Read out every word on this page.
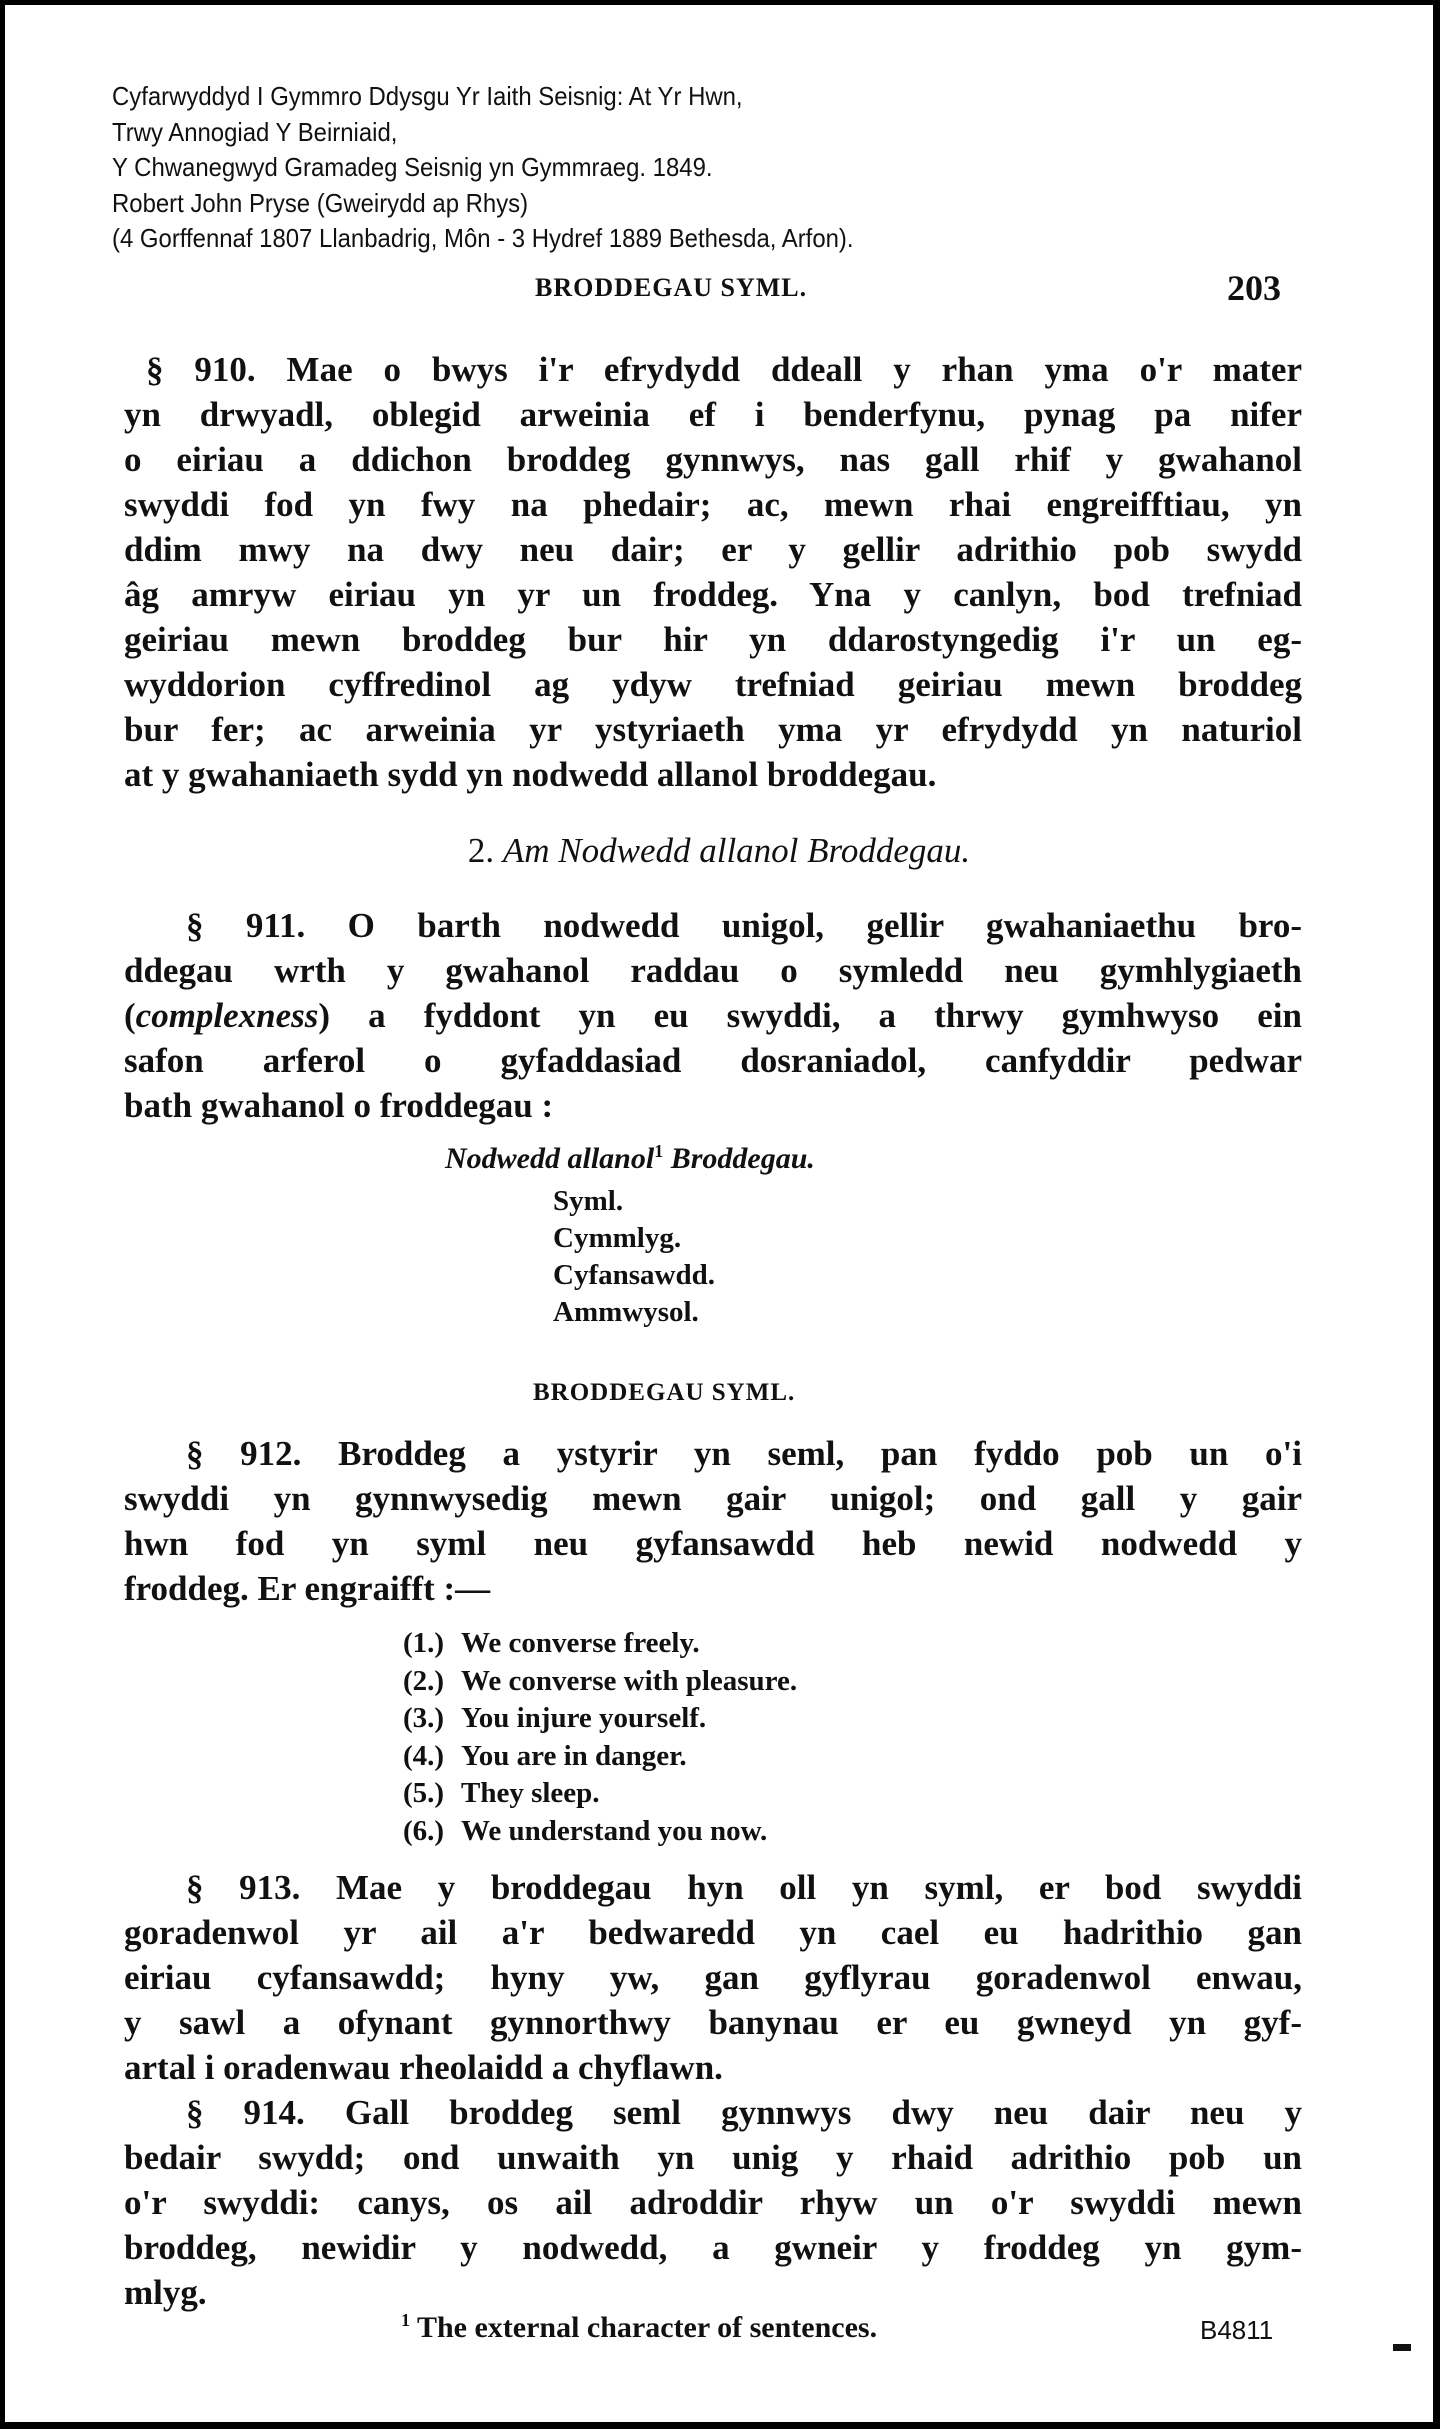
Cyfarwyddyd I Gymmro Ddysgu Yr Iaith Seisnig: At Yr Hwn,
Trwy Annogiad Y Beirniaid,
Y Chwanegwyd Gramadeg Seisnig yn Gymmraeg. 1849.
Robert John Pryse (Gweirydd ap Rhys)
(4 Gorffennaf 1807 Llanbadrig, Môn - 3 Hydref 1889 Bethesda, Arfon).
BRODDEGAU SYML.	203
§ 910. Mae o bwys i'r efrydydd ddeall y rhan yma o'r mater
yn drwyadl, oblegid arweinia ef i benderfynu, pynag pa nifer
o eiriau a ddichon broddeg gynnwys, nas gall rhif y gwahanol
swyddi fod yn fwy na phedair; ac, mewn rhai engreifftiau, yn
ddim mwy na dwy neu dair; er y gellir adrithio pob swydd
âg amryw eiriau yn yr un froddeg. Yna y canlyn, bod trefniad
geiriau mewn broddeg bur hir yn ddarostyngedig i'r un eg-
wyddorion cyffredinol ag ydyw trefniad geiriau mewn broddeg
bur fer; ac arweinia yr ystyriaeth yma yr efrydydd yn naturiol
at y gwahaniaeth sydd yn nodwedd allanol broddegau.
2. Am Nodwedd allanol Broddegau.
§ 911. O barth nodwedd unigol, gellir gwahaniaethu bro-
ddegau wrth y gwahanol raddau o symledd neu gymhlygiaeth
(complexness) a fyddont yn eu swyddi, a thrwy gymhwyso ein
safon arferol o gyfaddasiad dosraniadol, canfyddir pedwar
bath gwahanol o froddegau :
Nodwedd allanol$^1$ Broddegau.
Syml.
Cymmlyg.
Cyfansawdd.
Ammwysol.
BRODDEGAU SYML.
§ 912. Broddeg a ystyrir yn seml, pan fyddo pob un o'i
swyddi yn gynnwysedig mewn gair unigol; ond gall y gair
hwn fod yn syml neu gyfansawdd heb newid nodwedd y
froddeg. Er engraifft :—
(1.) We converse freely.
(2.) We converse with pleasure.
(3.) You injure yourself.
(4.) You are in danger.
(5.) They sleep.
(6.) We understand you now.
§ 913. Mae y broddegau hyn oll yn syml, er bod swyddi
goradenwol yr ail a'r bedwaredd yn cael eu hadrithio gan
eiriau cyfansawdd; hyny yw, gan gyflyrau goradenwol enwau,
y sawl a ofynant gynnorthwy banynau er eu gwneyd yn gyf-
artal i oradenwau rheolaidd a chyflawn.
§ 914. Gall broddeg seml gynnwys dwy neu dair neu y
bedair swydd; ond unwaith yn unig y rhaid adrithio pob un
o'r swyddi: canys, os ail adroddir rhyw un o'r swyddi mewn
broddeg, newidir y nodwedd, a gwneir y froddeg yn gym-
mlyg.
$^1$ The external character of sentences.	B4811
